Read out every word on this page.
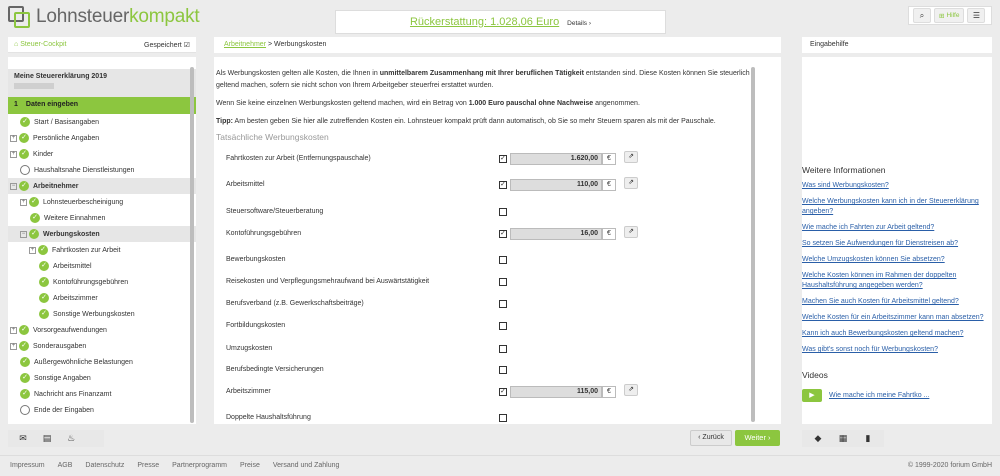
Lohnsteuerkompakt	Rückerstattung: 1.028,06 Euro Details ›
⌕	⊞ Hilfe	☰
⌂ Steuer-Cockpit	Gespeichert ☑
Meine Steuererklärung 2019
1 Daten eingeben
✓ Start / Basisangaben
+ ✓ Persönliche Angaben
+ ✓ Kinder
Haushaltsnahe Dienstleistungen
− ✓ Arbeitnehmer
+ ✓ Lohnsteuerbescheinigung
✓ Weitere Einnahmen
− ✓ Werbungskosten
+ ✓ Fahrtkosten zur Arbeit
✓ Arbeitsmittel
✓ Kontoführungsgebühren
✓ Arbeitszimmer
✓ Sonstige Werbungskosten
+ ✓ Vorsorgeaufwendungen
+ ✓ Sonderausgaben
✓ Außergewöhnliche Belastungen
✓ Sonstige Angaben
✓ Nachricht ans Finanzamt
Ende der Eingaben
✉	▤	♨
Arbeitnehmer > Werbungskosten

Als Werbungskosten gelten alle Kosten, die Ihnen in unmittelbarem Zusammenhang mit Ihrer beruflichen Tätigkeit entstanden sind. Diese Kosten können Sie steuerlich geltend machen, sofern sie nicht schon von Ihrem Arbeitgeber steuerfrei erstattet wurden.

Wenn Sie keine einzelnen Werbungskosten geltend machen, wird ein Betrag von 1.000 Euro pauschal ohne Nachweise angenommen.

Tipp: Am besten geben Sie hier alle zutreffenden Kosten ein. Lohnsteuer kompakt prüft dann automatisch, ob Sie so mehr Steuern sparen als mit der Pauschale.

Tatsächliche Werbungskosten
Fahrtkosten zur Arbeit (Entfernungspauschale)	✓	1.620,00	€	⇗
Arbeitsmittel	✓	110,00	€	⇗
Steuersoftware/Steuerberatung
Kontoführungsgebühren	✓	16,00	€	⇗
Bewerbungskosten
Reisekosten und Verpflegungsmehraufwand bei Auswärtstätigkeit
Berufsverband (z.B. Gewerkschaftsbeiträge)
Fortbildungskosten
Umzugskosten
Berufsbedingte Versicherungen
Arbeitszimmer	✓	115,00	€	⇗
Doppelte Haushaltsführung
‹ Zurück	Weiter ›
Eingabehilfe
Weitere Informationen
Was sind Werbungskosten?
Welche Werbungskosten kann ich in der Steuererklärung angeben?
Wie mache ich Fahrten zur Arbeit geltend?
So setzen Sie Aufwendungen für Dienstreisen ab?
Welche Umzugskosten können Sie absetzen?
Welche Kosten können im Rahmen der doppelten Haushaltsführung angegeben werden?
Machen Sie auch Kosten für Arbeitsmittel geltend?
Welche Kosten für ein Arbeitszimmer kann man absetzen?
Kann ich auch Bewerbungskosten geltend machen?
Was gibt's sonst noch für Werbungskosten?
Videos
▶	Wie mache ich meine Fahrtko ...
◆	▦	▮
Impressum AGB Datenschutz Presse Partnerprogramm Preise Versand und Zahlung	© 1999-2020 forium GmbH
